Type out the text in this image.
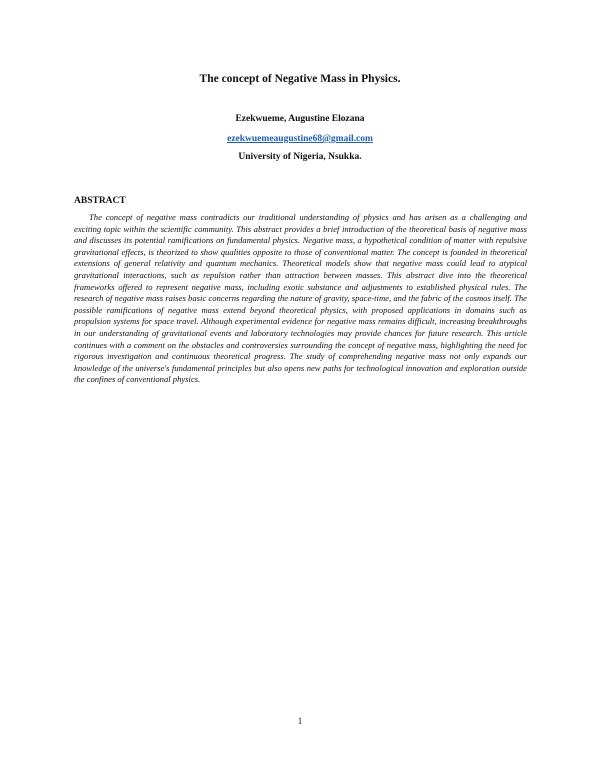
The concept of Negative Mass in Physics.
Ezekwueme, Augustine Elozana
ezekwuemeaugustine68@gmail.com
University of Nigeria, Nsukka.
ABSTRACT

The concept of negative mass contradicts our traditional understanding of physics and has arisen as a challenging and exciting topic within the scientific community. This abstract provides a brief introduction of the theoretical basis of negative mass and discusses its potential ramifications on fundamental physics. Negative mass, a hypothetical condition of matter with repulsive gravitational effects, is theorized to show qualities opposite to those of conventional matter. The concept is founded in theoretical extensions of general relativity and quantum mechanics. Theoretical models show that negative mass could lead to atypical gravitational interactions, such as repulsion rather than attraction between masses. This abstract dive into the theoretical frameworks offered to represent negative mass, including exotic substance and adjustments to established physical rules. The research of negative mass raises basic concerns regarding the nature of gravity, space-time, and the fabric of the cosmos itself. The possible ramifications of negative mass extend beyond theoretical physics, with proposed applications in domains such as propulsion systems for space travel. Although experimental evidence for negative mass remains difficult, increasing breakthroughs in our understanding of gravitational events and laboratory technologies may provide chances for future research. This article continues with a comment on the obstacles and controversies surrounding the concept of negative mass, highlighting the need for rigorous investigation and continuous theoretical progress. The study of comprehending negative mass not only expands our knowledge of the universe's fundamental principles but also opens new paths for technological innovation and exploration outside the confines of conventional physics.

1
